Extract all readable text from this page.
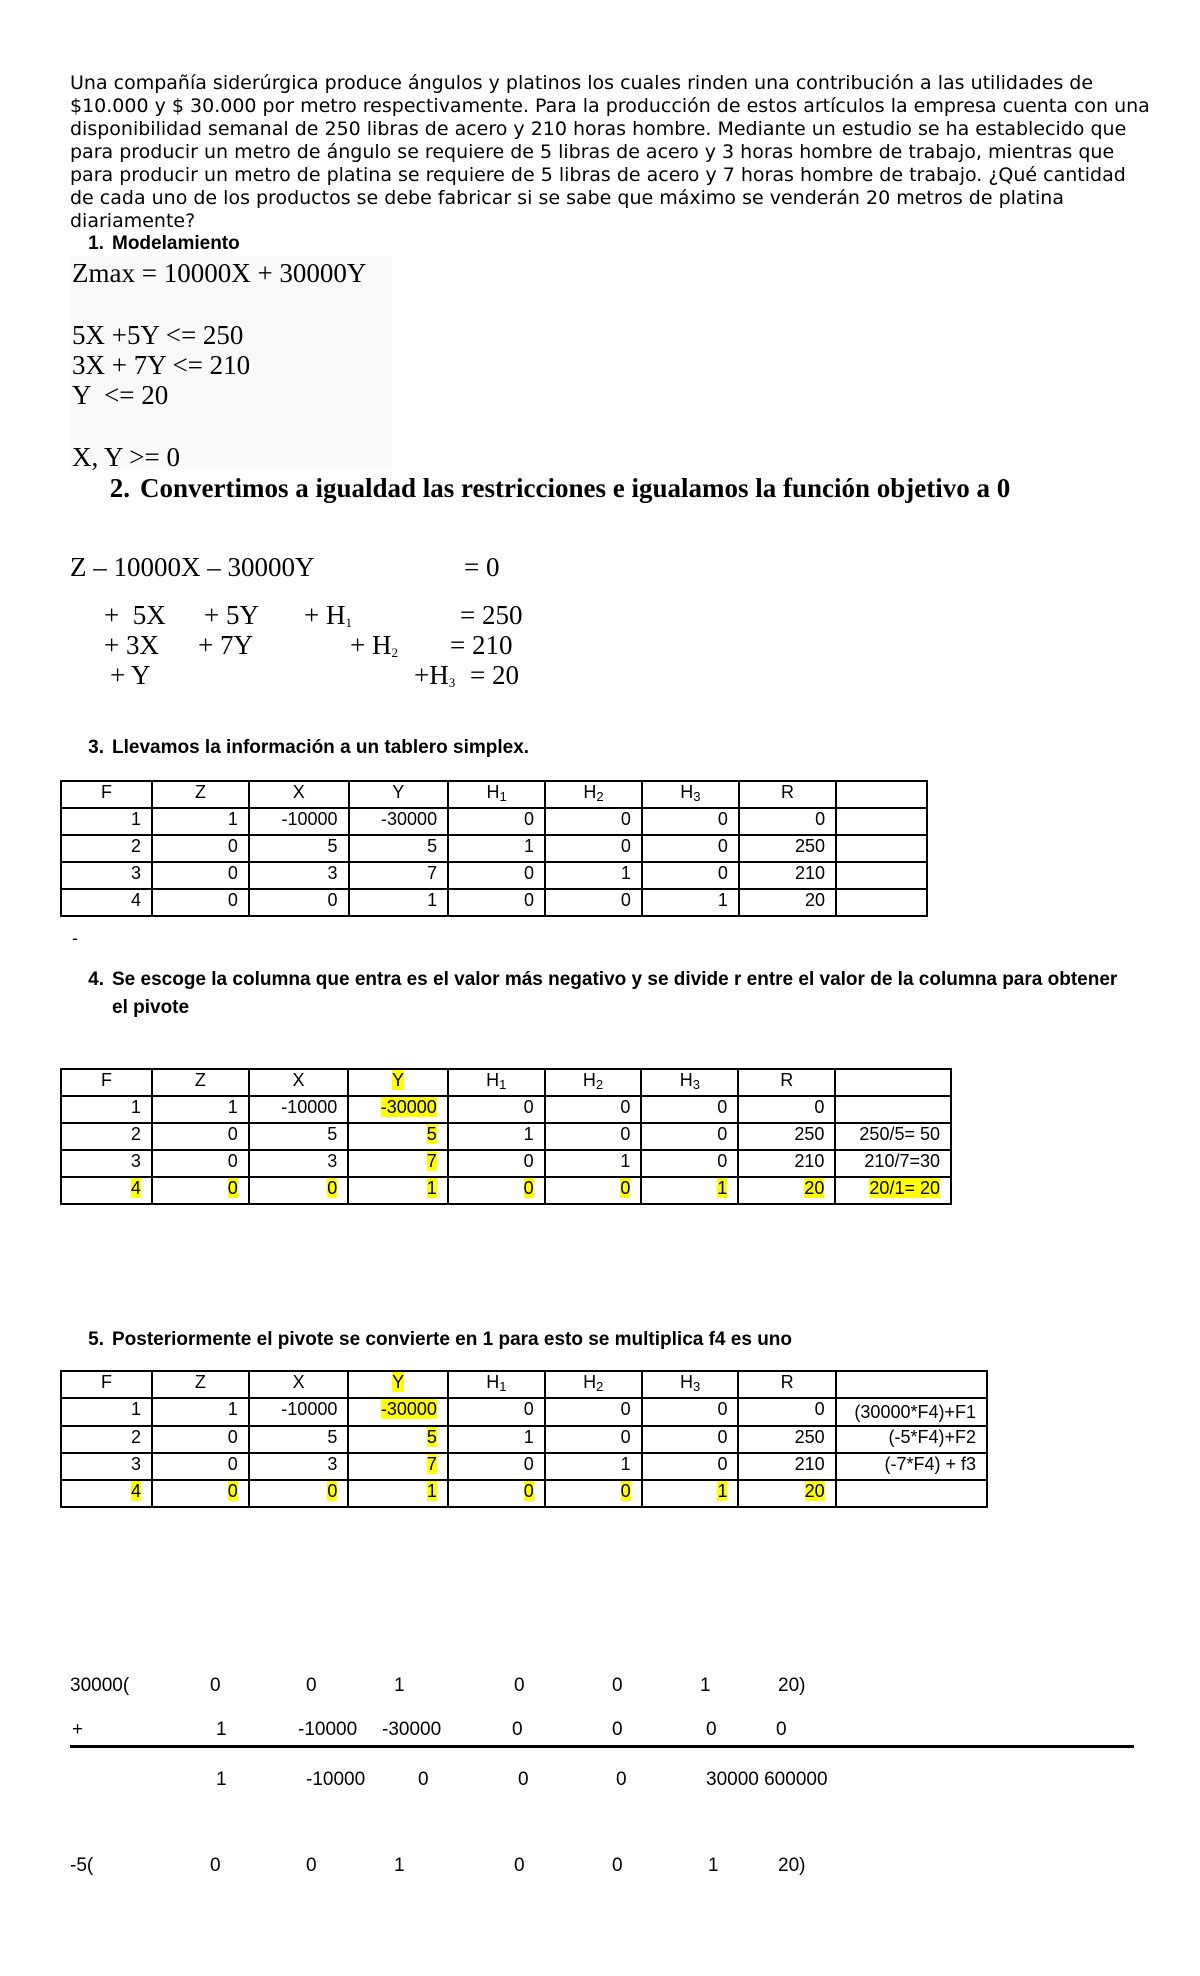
Una compañía siderúrgica produce ángulos y platinos los cuales rinden una contribución a las utilidades de $10.000 y $ 30.000 por metro respectivamente. Para la producción de estos artículos la empresa cuenta con una disponibilidad semanal de 250 libras de acero y 210 horas hombre. Mediante un estudio se ha establecido que para producir un metro de ángulo se requiere de 5 libras de acero y 3 horas hombre de trabajo, mientras que para producir un metro de platina se requiere de 5 libras de acero y 7 horas hombre de trabajo. ¿Qué cantidad de cada uno de los productos se debe fabricar si se sabe que máximo se venderán 20 metros de platina diariamente?

1. Modelamiento
Zmax = 10000X + 30000Y
5X +5Y <= 250
3X + 7Y <= 210
Y  <= 20
X, Y >= 0
2. Convertimos a igualdad las restricciones e igualamos la función objetivo a 0
Z – 10000X – 30000Y	= 0
+  $5X + 5Y + H_1$	= 250
+ 3X + 7Y	+ $H_2 = 210$
+ Y	$+H_3 = 20$
3. Llevamos la información a un tablero simplex.
F	Z	X	Y	$H_1$	$H_2$	$H_3$	R	
1	1	-10000	-30000	0	0	0	0	
2	0	5	5	1	0	0	250	
3	0	3	7	0	1	0	210	
4	0	0	1	0	0	1	20	
-
4. Se escoge la columna que entra es el valor más negativo y se divide r entre el valor de la columna para obtener
el pivote
F	Z	X	Y	$H_1$	$H_2$	$H_3$	R	
1	1	-10000	-30000	0	0	0	0	
2	0	5	5	1	0	0	250	250/5= 50
3	0	3	7	0	1	0	210	210/7=30
4	0	0	1	0	0	1	20	20/1= 20
5. Posteriormente el pivote se convierte en 1 para esto se multiplica f4 es uno
F	Z	X	Y	$H_1$	$H_2$	$H_3$	R	
1	1	-10000	-30000	0	0	0	0	(30000*F4)+F1
2	0	5	5	1	0	0	250	(-5*F4)+F2
3	0	3	7	0	1	0	210	(-7*F4) + f3
4	0	0	1	0	0	1	20	
30000(	0	0	1	0	0	1	20)
+	1	-10000 -30000	0	0	0	0
1	-10000	0	0	0	30000 600000
-5(	0	0	1	0	0	1	20)
